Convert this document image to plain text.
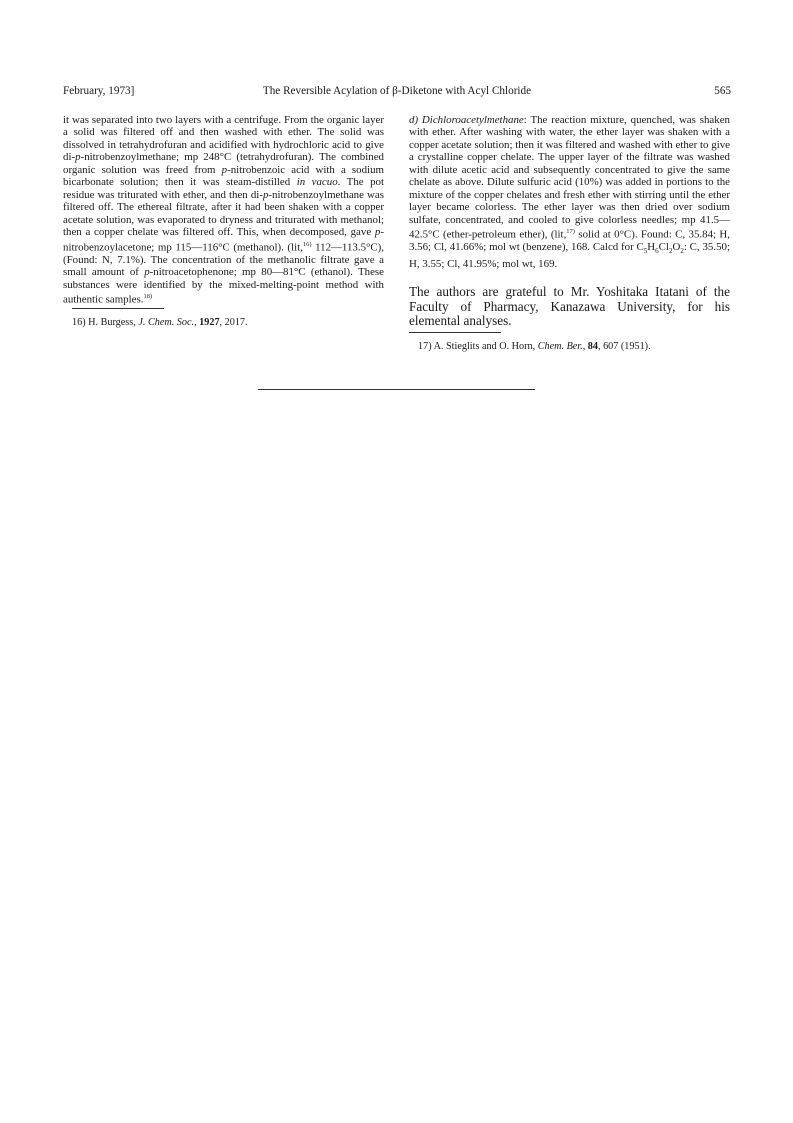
February, 1973]	The Reversible Acylation of β-Diketone with Acyl Chloride	565

it was separated into two layers with a centrifuge. From the organic layer a solid was filtered off and then washed with ether. The solid was dissolved in tetrahydrofuran and acidified with hydrochloric acid to give di-p-nitrobenzoylmethane; mp 248°C (tetrahydrofuran). The combined organic solution was freed from p-nitrobenzoic acid with a sodium bicarbonate solution; then it was steam-distilled in vacuo. The pot residue was triturated with ether, and then di-p-nitrobenzoylmethane was filtered off. The ethereal filtrate, after it had been shaken with a copper acetate solution, was evaporated to dryness and triturated with methanol; then a copper chelate was filtered off. This, when decomposed, gave p-nitrobenzoylacetone; mp 115—116°C (methanol). (lit,$^{16)}$ 112—113.5°C), (Found: N, 7.1%). The concentration of the methanolic filtrate gave a small amount of p-nitroacetophenone; mp 80—81°C (ethanol). These substances were identified by the mixed-melting-point method with authentic samples.$^{18)}$

16) H. Burgess, J. Chem. Soc., 1927, 2017.

d) Dichloroacetylmethane: The reaction mixture, quenched, was shaken with ether. After washing with water, the ether layer was shaken with a copper acetate solution; then it was filtered and washed with ether to give a crystalline copper chelate. The upper layer of the filtrate was washed with dilute acetic acid and subsequently concentrated to give the same chelate as above. Dilute sulfuric acid (10%) was added in portions to the mixture of the copper chelates and fresh ether with stirring until the ether layer became colorless. The ether layer was then dried over sodium sulfate, concentrated, and cooled to give colorless needles; mp 41.5—42.5°C (ether-petroleum ether), (lit,$^{17)}$ solid at 0°C). Found: C, 35.84; H, 3.56; Cl, 41.66%; mol wt (benzene), 168. Calcd for $C_5H_6Cl_2O_2$: C, 35.50; H, 3.55; Cl, 41.95%; mol wt, 169.

The authors are grateful to Mr. Yoshitaka Itatani of the Faculty of Pharmacy, Kanazawa University, for his elemental analyses.

17) A. Stieglits and O. Horn, Chem. Ber., 84, 607 (1951).
